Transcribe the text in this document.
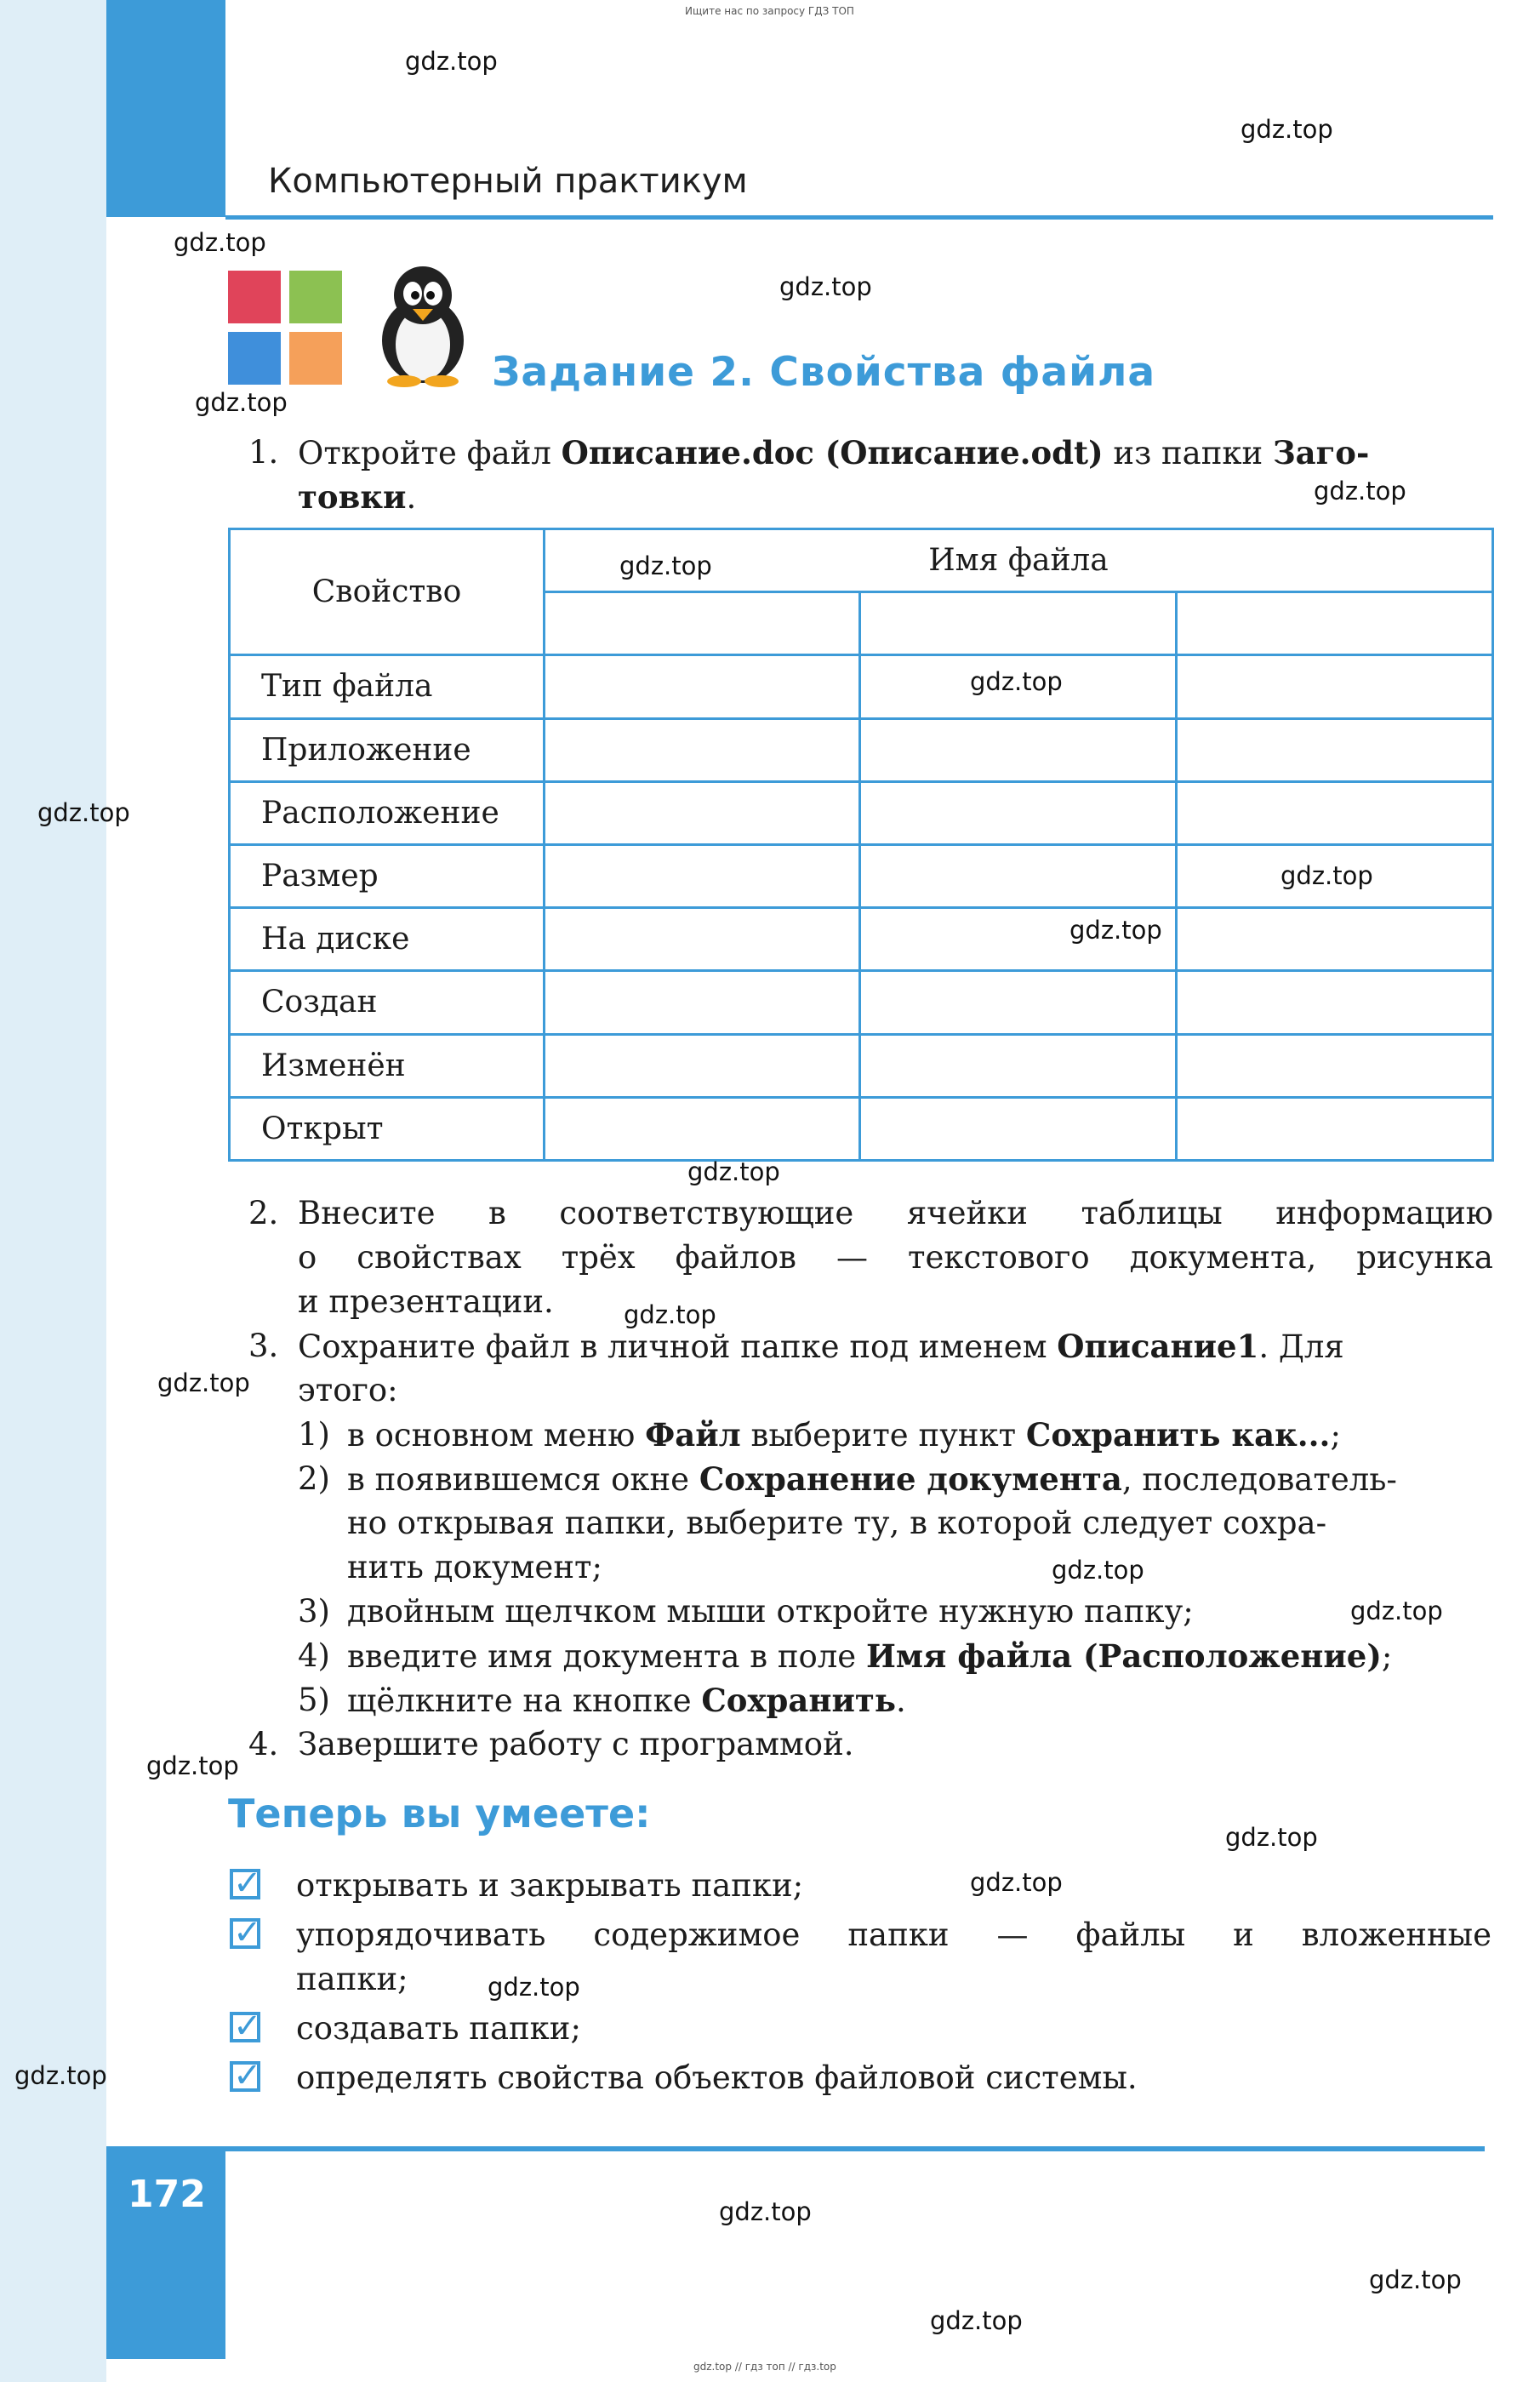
Ищите нас по запросу ГДЗ ТОП
gdz.top // гдз топ // гдз.top
Компьютерный практикум
Задание 2. Свойства файла
1. Откройте файл Описание.doc (Описание.odt) из папки Заго-
товки.
Свойство	Имя файла		

Тип файла			
Приложение			
Расположение			
Размер			
На диске			
Создан			
Изменён			
Открыт			
2. Внесите в соответствующие ячейки таблицы информацию
о свойствах трёх файлов — текстового документа, рисунка
и презентации.
3. Сохраните файл в личной папке под именем Описание1. Для
этого:
1) в основном меню Файл выберите пункт Сохранить как...;
2) в появившемся окне Сохранение документа, последователь-
но открывая папки, выберите ту, в которой следует сохра-
нить документ;
3) двойным щелчком мыши откройте нужную папку;
4) введите имя документа в поле Имя файла (Расположение);
5) щёлкните на кнопке Сохранить.
4. Завершите работу с программой.
Теперь вы умеете:
✓ открывать и закрывать папки;
✓ упорядочивать содержимое папки — файлы и вложенные
папки;
✓ создавать папки;
✓ определять свойства объектов файловой системы.
172
gdz.top
gdz.top
gdz.top
gdz.top
gdz.top
gdz.top
gdz.top
gdz.top
gdz.top
gdz.top
gdz.top
gdz.top
gdz.top
gdz.top
gdz.top
gdz.top
gdz.top
gdz.top
gdz.top
gdz.top
gdz.top
gdz.top
gdz.top
gdz.top
